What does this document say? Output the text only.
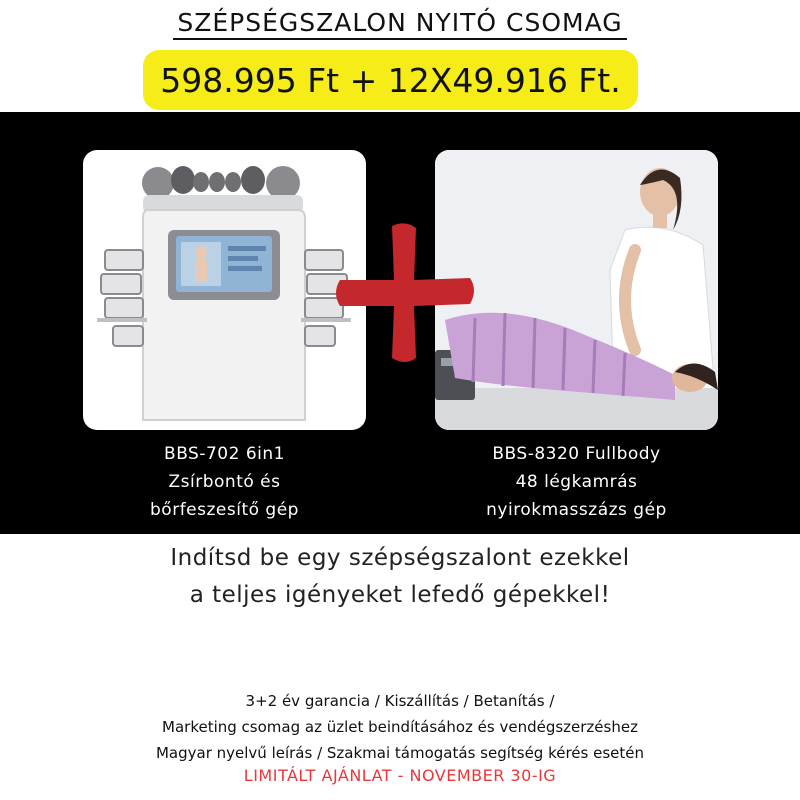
SZÉPSÉGSZALON NYITÓ CSOMAG
598.995 Ft + 12X49.916 Ft.
BBS-702 6in1
Zsírbontó és
bőrfeszesítő gép
BBS-8320 Fullbody
48 légkamrás
nyirokmasszázs gép
Indítsd be egy szépségszalont ezekkel
a teljes igényeket lefedő gépekkel!
3+2 év garancia / Kiszállítás / Betanítás /
Marketing csomag az üzlet beindításához és vendégszerzéshez
Magyar nyelvű leírás / Szakmai támogatás segítség kérés esetén
LIMITÁLT AJÁNLAT - NOVEMBER 30-IG
